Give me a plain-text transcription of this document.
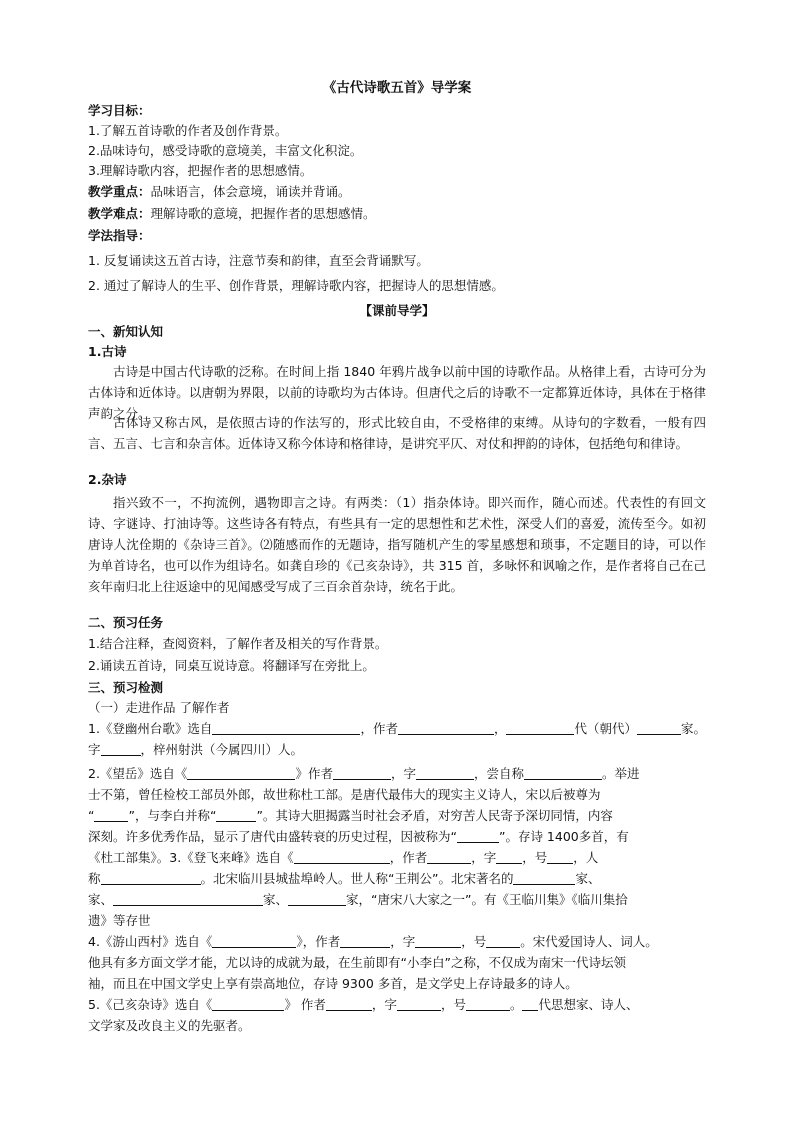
《古代诗歌五首》导学案
学习目标：
1.了解五首诗歌的作者及创作背景。
2.品味诗句，感受诗歌的意境美，丰富文化积淀。
3.理解诗歌内容，把握作者的思想感情。
教学重点：品味语言，体会意境，诵读并背诵。
教学难点：理解诗歌的意境，把握作者的思想感情。
学法指导：
1. 反复诵读这五首古诗，注意节奏和韵律，直至会背诵默写。
2. 通过了解诗人的生平、创作背景，理解诗歌内容，把握诗人的思想情感。
【课前导学】
一、新知认知
1.古诗
古诗是中国古代诗歌的泛称。在时间上指 1840 年鸦片战争以前中国的诗歌作品。从格律上看，古诗可分为古体诗和近体诗。以唐朝为界限，以前的诗歌均为古体诗。但唐代之后的诗歌不一定都算近体诗，具体在于格律声韵之分。
古体诗又称古风，是依照古诗的作法写的，形式比较自由，不受格律的束缚。从诗句的字数看，一般有四言、五言、七言和杂言体。近体诗又称今体诗和格律诗，是讲究平仄、对仗和押韵的诗体，包括绝句和律诗。
2.杂诗
指兴致不一，不拘流例，遇物即言之诗。有两类：（1）指杂体诗。即兴而作，随心而述。代表性的有回文诗、字谜诗、打油诗等。这些诗各有特点，有些具有一定的思想性和艺术性，深受人们的喜爱，流传至今。如初唐诗人沈佺期的《杂诗三首》。⑵随感而作的无题诗，指写随机产生的零星感想和琐事，不定题目的诗，可以作为单首诗名，也可以作为组诗名。如龚自珍的《己亥杂诗》，共 315 首，多咏怀和讽喻之作，是作者将自己在己亥年南归北上往返途中的见闻感受写成了三百余首杂诗，统名于此。
二、预习任务
1.结合注释，查阅资料，了解作者及相关的写作背景。
2.诵读五首诗，同桌互说诗意。将翻译写在旁批上。
三、预习检测
（一）走进作品 了解作者
1.《登幽州台歌》选自	，作者	，	代（朝代）	家。
字	，梓州射洪（今属四川）人。
2.《望岳》选自《	》作者	，字	，尝自称	。举进
士不第，曾任检校工部员外郎，故世称杜工部。是唐代最伟大的现实主义诗人，宋以后被尊为
“	”，与李白并称“	”。其诗大胆揭露当时社会矛盾，对穷苦人民寄予深切同情，内容
深刻。许多优秀作品，显示了唐代由盛转衰的历史过程，因被称为“	”。存诗 1400多首，有
《杜工部集》。3.《登飞来峰》选自《	，作者	，字 ，号 ，人
称	。北宋临川县城盐埠岭人。世人称“王荆公”。北宋著名的	家、
家、	家、	家，“唐宋八大家之一”。有《王临川集》《临川集拾
遗》等存世
4.《游山西村》选自《	》，作者	，字	，号	。宋代爱国诗人、词人。
他具有多方面文学才能，尤以诗的成就为最，在生前即有“小李白”之称，不仅成为南宋一代诗坛领
袖，而且在中国文学史上享有崇高地位，存诗 9300 多首，是文学史上存诗最多的诗人。
5.《己亥杂诗》选自《	》 作者	，字	，号	。 代思想家、诗人、
文学家及改良主义的先驱者。
